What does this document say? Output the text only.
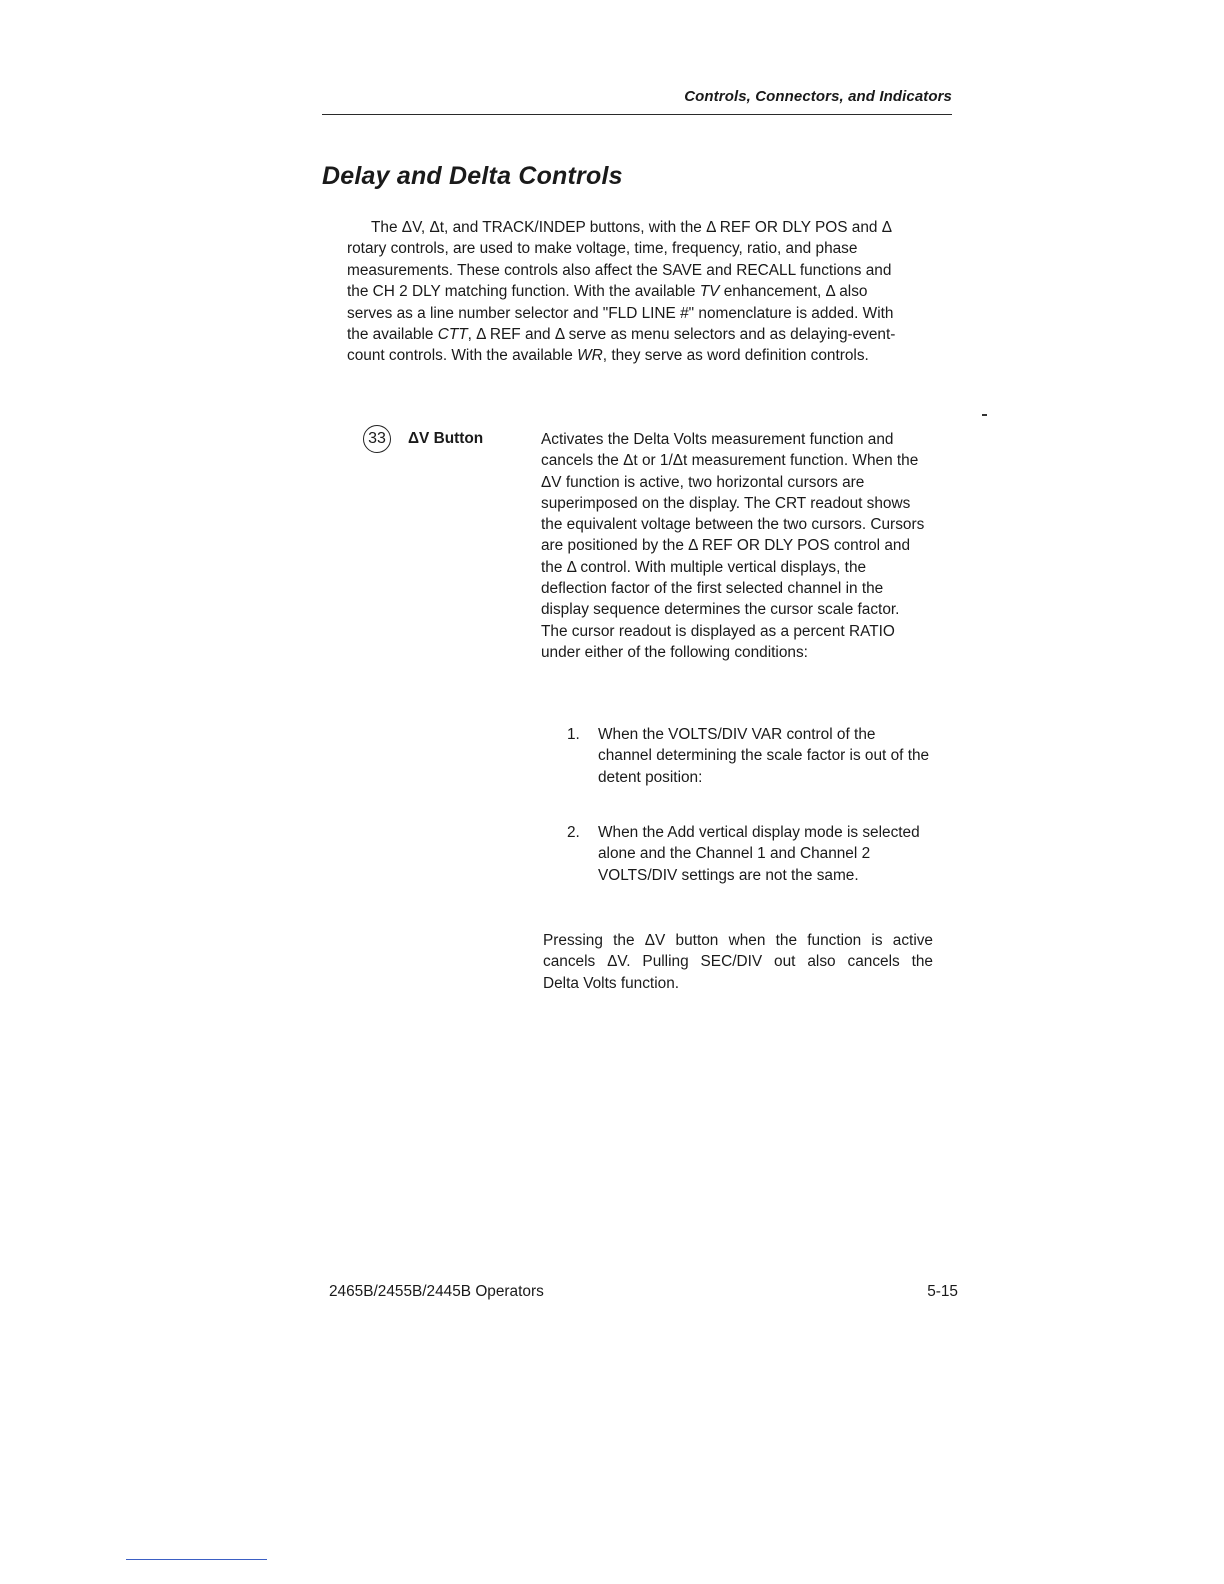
Controls, Connectors, and Indicators
Delay and Delta Controls

The ΔV, Δt, and TRACK/INDEP buttons, with the Δ REF OR DLY POS and Δ
rotary controls, are used to make voltage, time, frequency, ratio, and phase
measurements. These controls also affect the SAVE and RECALL functions and
the CH 2 DLY matching function. With the available TV enhancement, Δ also
serves as a line number selector and "FLD LINE #" nomenclature is added. With
the available CTT, Δ REF and Δ serve as menu selectors and as delaying-event-
count controls. With the available WR, they serve as word definition controls.

33	ΔV Button	Activates the Delta Volts measurement function and
cancels the Δt or 1/Δt measurement function. When the
ΔV function is active, two horizontal cursors are
superimposed on the display. The CRT readout shows
the equivalent voltage between the two cursors. Cursors
are positioned by the Δ REF OR DLY POS control and
the Δ control. With multiple vertical displays, the
deflection factor of the first selected channel in the
display sequence determines the cursor scale factor.
The cursor readout is displayed as a percent RATIO
under either of the following conditions:

1. When the VOLTS/DIV VAR control of the
channel determining the scale factor is out of the
detent position:
2. When the Add vertical display mode is selected
alone and the Channel 1 and Channel 2
VOLTS/DIV settings are not the same.

Pressing the ΔV button when the function is active
cancels ΔV. Pulling SEC/DIV out also cancels the
Delta Volts function.

2465B/2455B/2445B Operators	5-15
